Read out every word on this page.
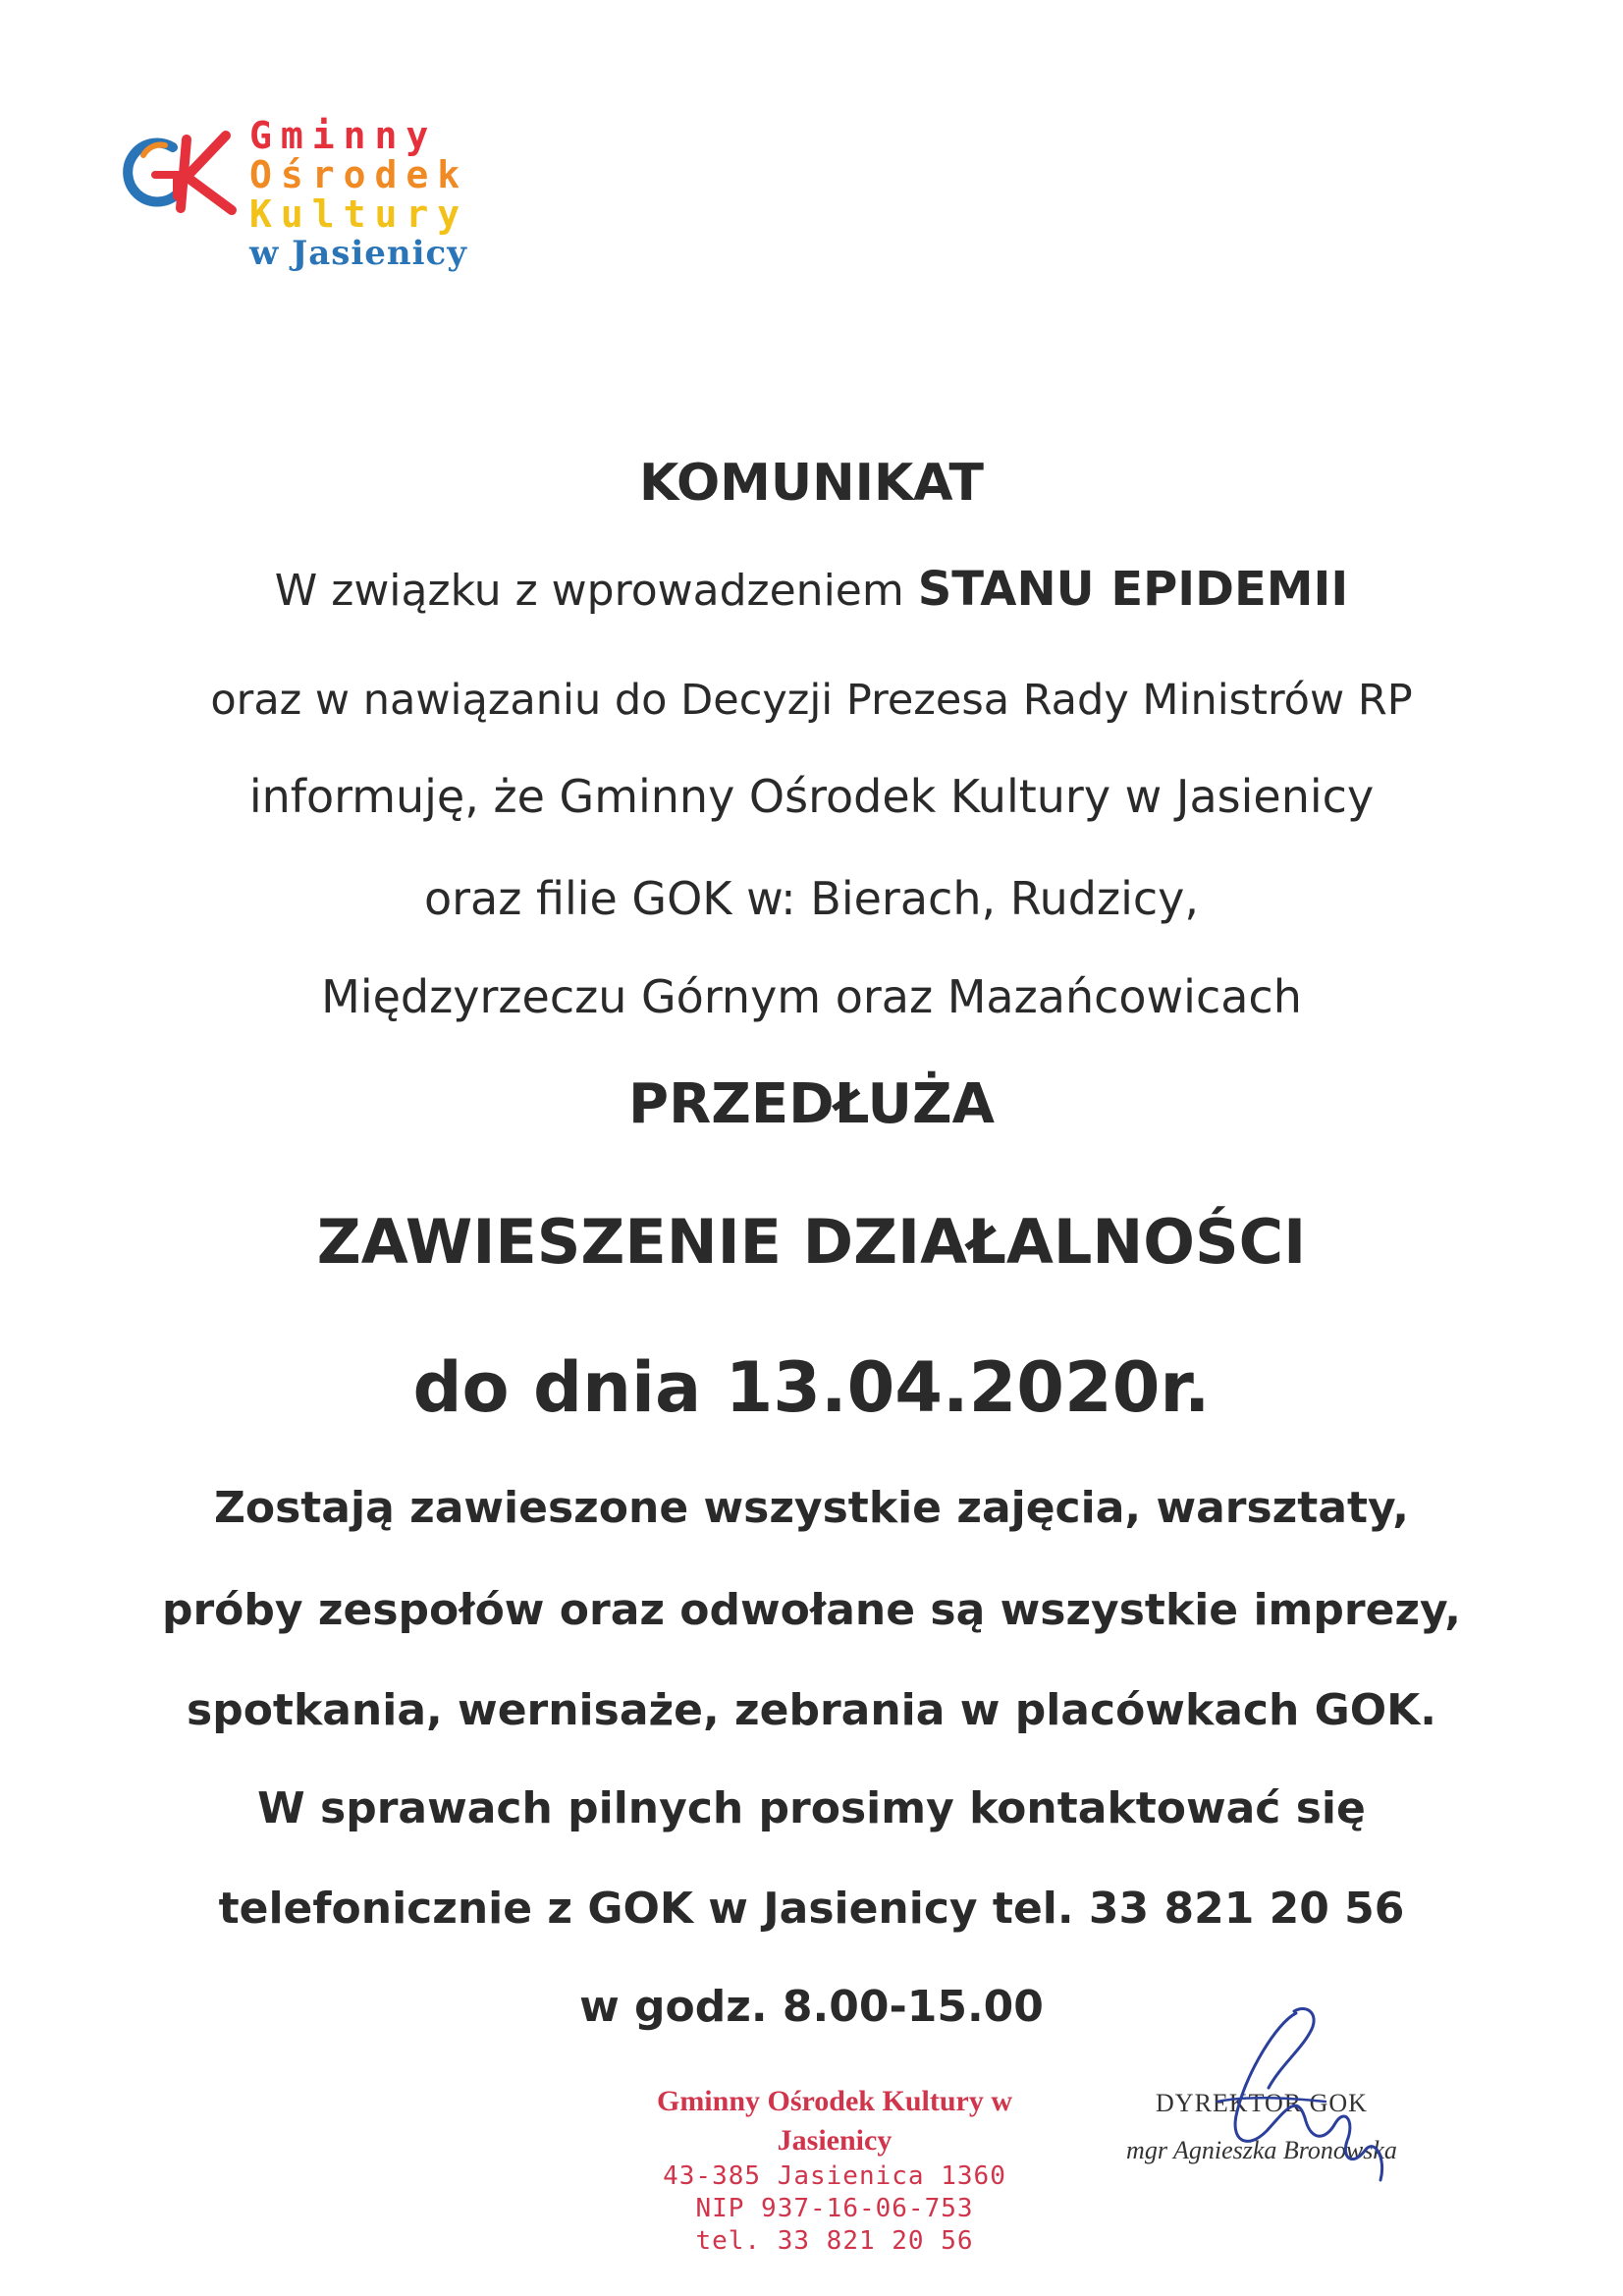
Gminny
Ośrodek
Kultury
w Jasienicy
KOMUNIKAT
W związku z wprowadzeniem STANU EPIDEMII
oraz w nawiązaniu do Decyzji Prezesa Rady Ministrów RP
informuję, że Gminny Ośrodek Kultury w Jasienicy
oraz filie GOK w: Bierach, Rudzicy,
Międzyrzeczu Górnym oraz Mazańcowicach
PRZEDŁUŻA
ZAWIESZENIE DZIAŁALNOŚCI
do dnia 13.04.2020r.
Zostają zawieszone wszystkie zajęcia, warsztaty,
próby zespołów oraz odwołane są wszystkie imprezy,
spotkania, wernisaże, zebrania w placówkach GOK.
W sprawach pilnych prosimy kontaktować się
telefonicznie z GOK w Jasienicy tel. 33 821 20 56
w godz. 8.00-15.00
Gminny Ośrodek Kultury w Jasienicy
43-385 Jasienica 1360
NIP 937-16-06-753
tel. 33 821 20 56
DYREKTOR GOK
mgr Agnieszka Bronowska
